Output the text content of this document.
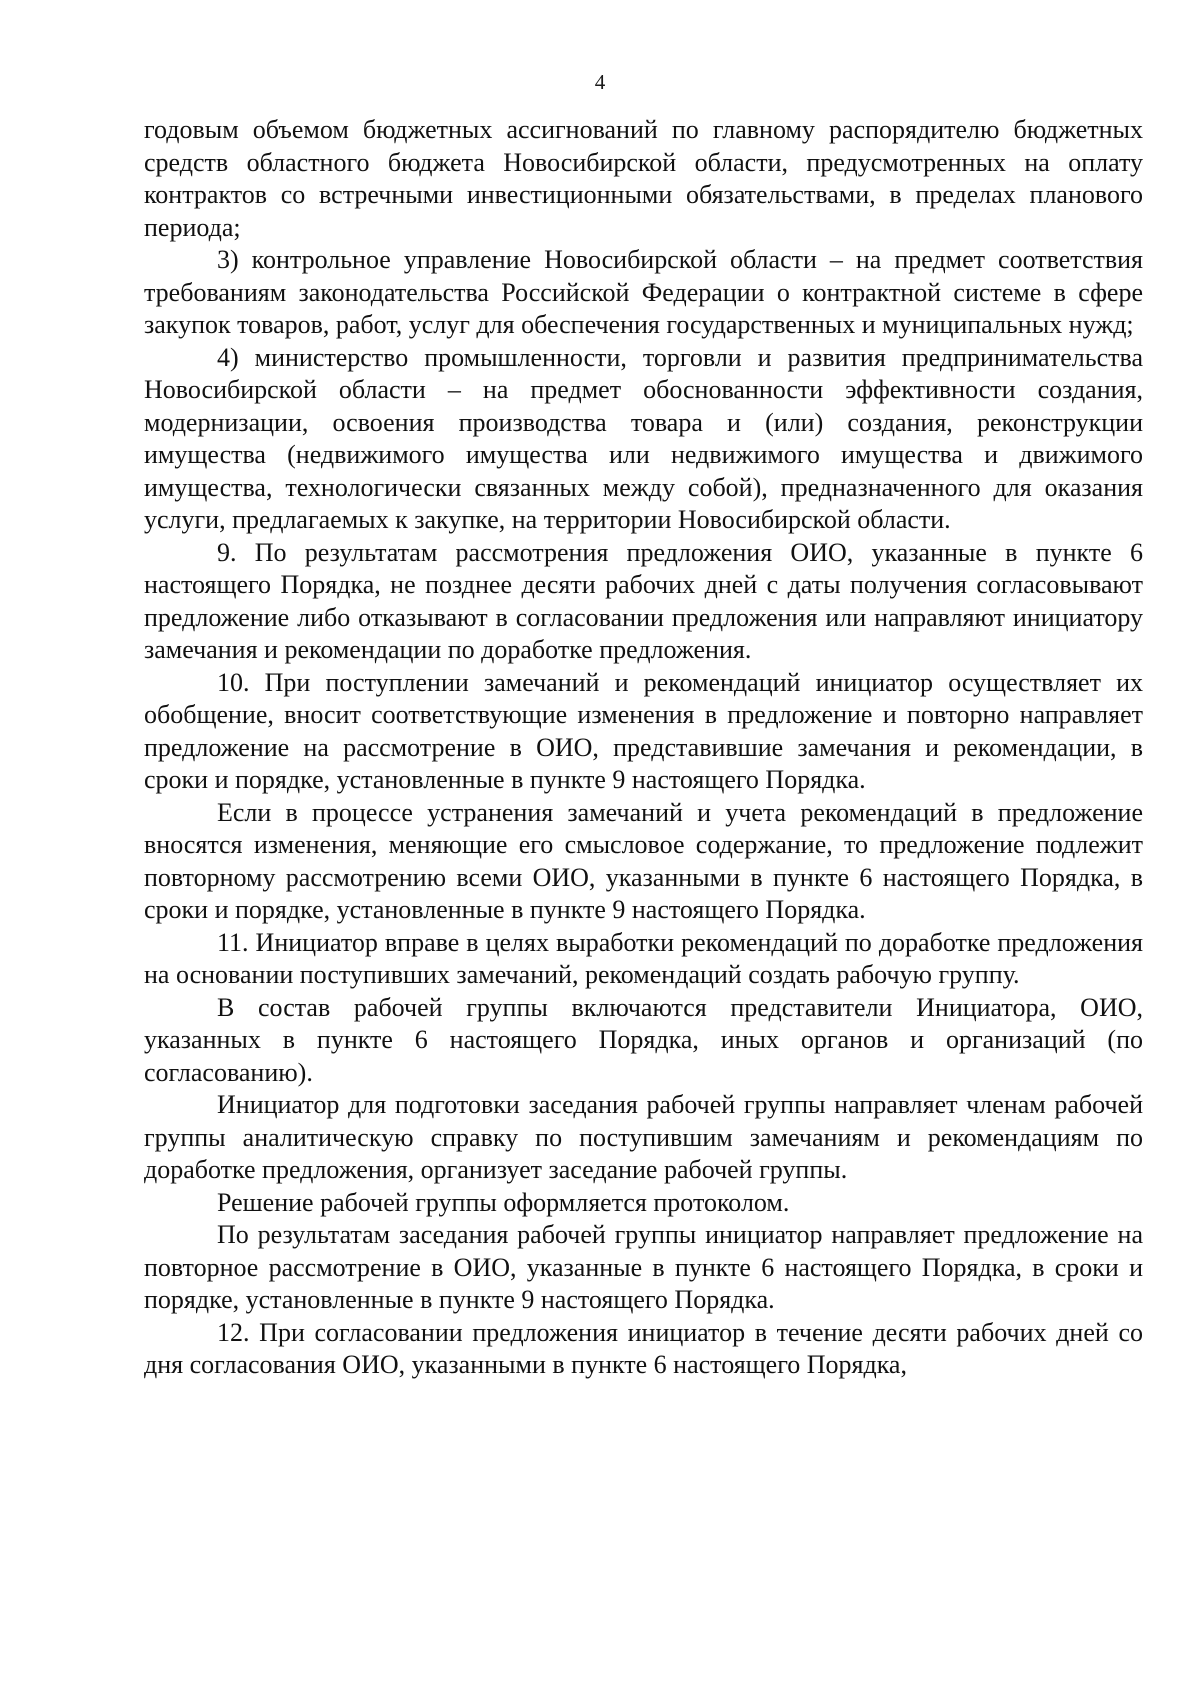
4

годовым объемом бюджетных ассигнований по главному распорядителю бюджетных средств областного бюджета Новосибирской области, предусмотренных на оплату контрактов со встречными инвестиционными обязательствами, в пределах планового периода;

3) контрольное управление Новосибирской области – на предмет соответствия требованиям законодательства Российской Федерации о контрактной системе в сфере закупок товаров, работ, услуг для обеспечения государственных и муниципальных нужд;

4) министерство промышленности, торговли и развития предпринимательства Новосибирской области – на предмет обоснованности эффективности создания, модернизации, освоения производства товара и (или) создания, реконструкции имущества (недвижимого имущества или недвижимого имущества и движимого имущества, технологически связанных между собой), предназначенного для оказания услуги, предлагаемых к закупке, на территории Новосибирской области.

9. По результатам рассмотрения предложения ОИО, указанные в пункте 6 настоящего Порядка, не позднее десяти рабочих дней с даты получения согласовывают предложение либо отказывают в согласовании предложения или направляют инициатору замечания и рекомендации по доработке предложения.

10. При поступлении замечаний и рекомендаций инициатор осуществляет их обобщение, вносит соответствующие изменения в предложение и повторно направляет предложение на рассмотрение в ОИО, представившие замечания и рекомендации, в сроки и порядке, установленные в пункте 9 настоящего Порядка.

Если в процессе устранения замечаний и учета рекомендаций в предложение вносятся изменения, меняющие его смысловое содержание, то предложение подлежит повторному рассмотрению всеми ОИО, указанными в пункте 6 настоящего Порядка, в сроки и порядке, установленные в пункте 9 настоящего Порядка.

11. Инициатор вправе в целях выработки рекомендаций по доработке предложения на основании поступивших замечаний, рекомендаций создать рабочую группу.

В состав рабочей группы включаются представители Инициатора, ОИО, указанных в пункте 6 настоящего Порядка, иных органов и организаций (по согласованию).

Инициатор для подготовки заседания рабочей группы направляет членам рабочей группы аналитическую справку по поступившим замечаниям и рекомендациям по доработке предложения, организует заседание рабочей группы.

Решение рабочей группы оформляется протоколом.

По результатам заседания рабочей группы инициатор направляет предложение на повторное рассмотрение в ОИО, указанные в пункте 6 настоящего Порядка, в сроки и порядке, установленные в пункте 9 настоящего Порядка.

12. При согласовании предложения инициатор в течение десяти рабочих дней со дня согласования ОИО, указанными в пункте 6 настоящего Порядка,
